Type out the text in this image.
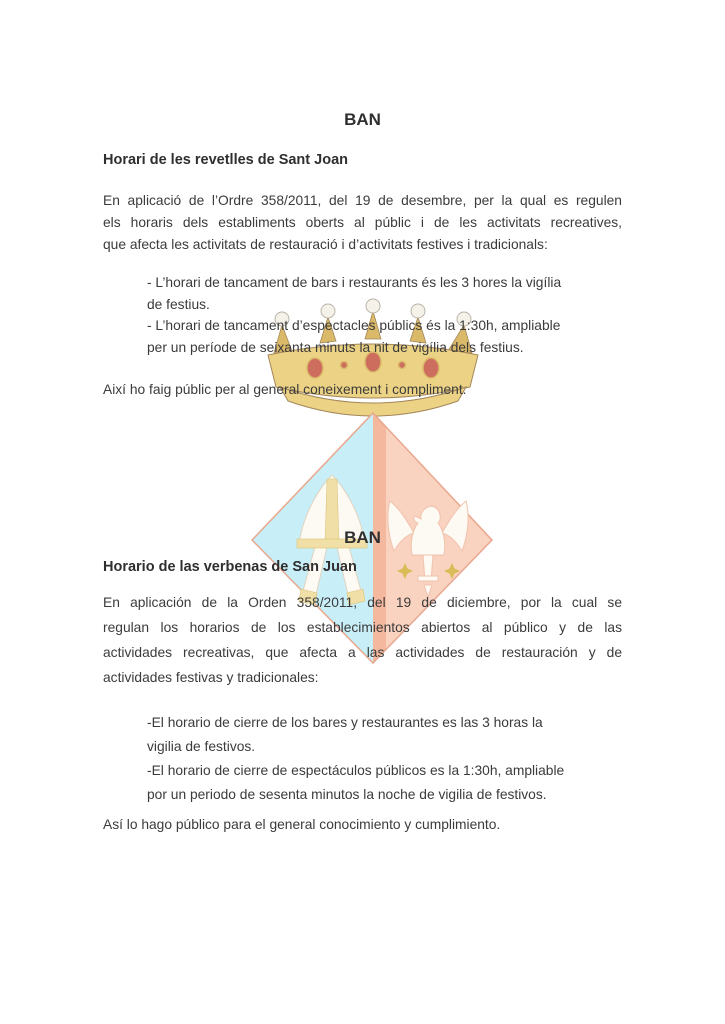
BAN
Horari de les revetlles de Sant Joan
En aplicació de l’Ordre 358/2011, del 19 de desembre, per la qual es regulen
els horaris dels establiments oberts al públic i de les activitats recreatives,
que afecta les activitats de restauració i d’activitats festives i tradicionals:
- L’horari de tancament de bars i restaurants és les 3 hores la vigília
de festius.
- L’horari de tancament d’espectacles públics és la 1:30h, ampliable
per un període de seixanta minuts la nit de vigília dels festius.
Així ho faig públic per al general coneixement i compliment.
BAN
Horario de las verbenas de San Juan
En aplicación de la Orden 358/2011, del 19 de diciembre, por la cual se
regulan los horarios de los establecimientos abiertos al público y de las
actividades recreativas, que afecta a las actividades de restauración y de
actividades festivas y tradicionales:
-El horario de cierre de los bares y restaurantes es las 3 horas la
vigilia de festivos.
-El horario de cierre de espectáculos públicos es la 1:30h, ampliable
por un periodo de sesenta minutos la noche de vigilia de festivos.
Así lo hago público para el general conocimiento y cumplimiento.
